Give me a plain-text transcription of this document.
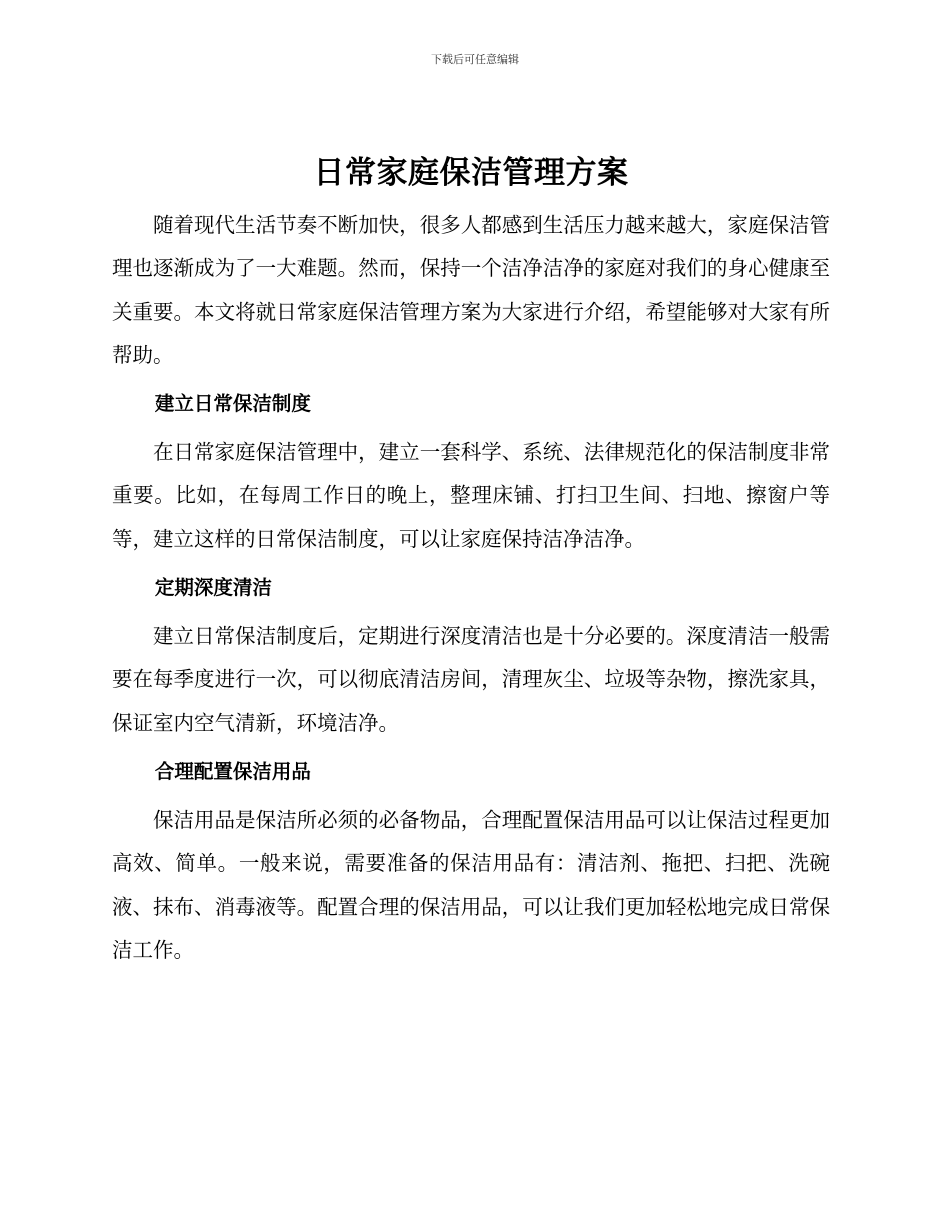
下载后可任意编辑
日常家庭保洁管理方案

随着现代生活节奏不断加快，很多人都感到生活压力越来越大，家庭保洁管理也逐渐成为了一大难题。然而，保持一个洁净洁净的家庭对我们的身心健康至关重要。本文将就日常家庭保洁管理方案为大家进行介绍，希望能够对大家有所帮助。

建立日常保洁制度

在日常家庭保洁管理中，建立一套科学、系统、法律规范化的保洁制度非常重要。比如，在每周工作日的晚上，整理床铺、打扫卫生间、扫地、擦窗户等等，建立这样的日常保洁制度，可以让家庭保持洁净洁净。

定期深度清洁

建立日常保洁制度后，定期进行深度清洁也是十分必要的。深度清洁一般需要在每季度进行一次，可以彻底清洁房间，清理灰尘、垃圾等杂物，擦洗家具，保证室内空气清新，环境洁净。

合理配置保洁用品

保洁用品是保洁所必须的必备物品，合理配置保洁用品可以让保洁过程更加高效、简单。一般来说，需要准备的保洁用品有：清洁剂、拖把、扫把、洗碗液、抹布、消毒液等。配置合理的保洁用品，可以让我们更加轻松地完成日常保洁工作。
